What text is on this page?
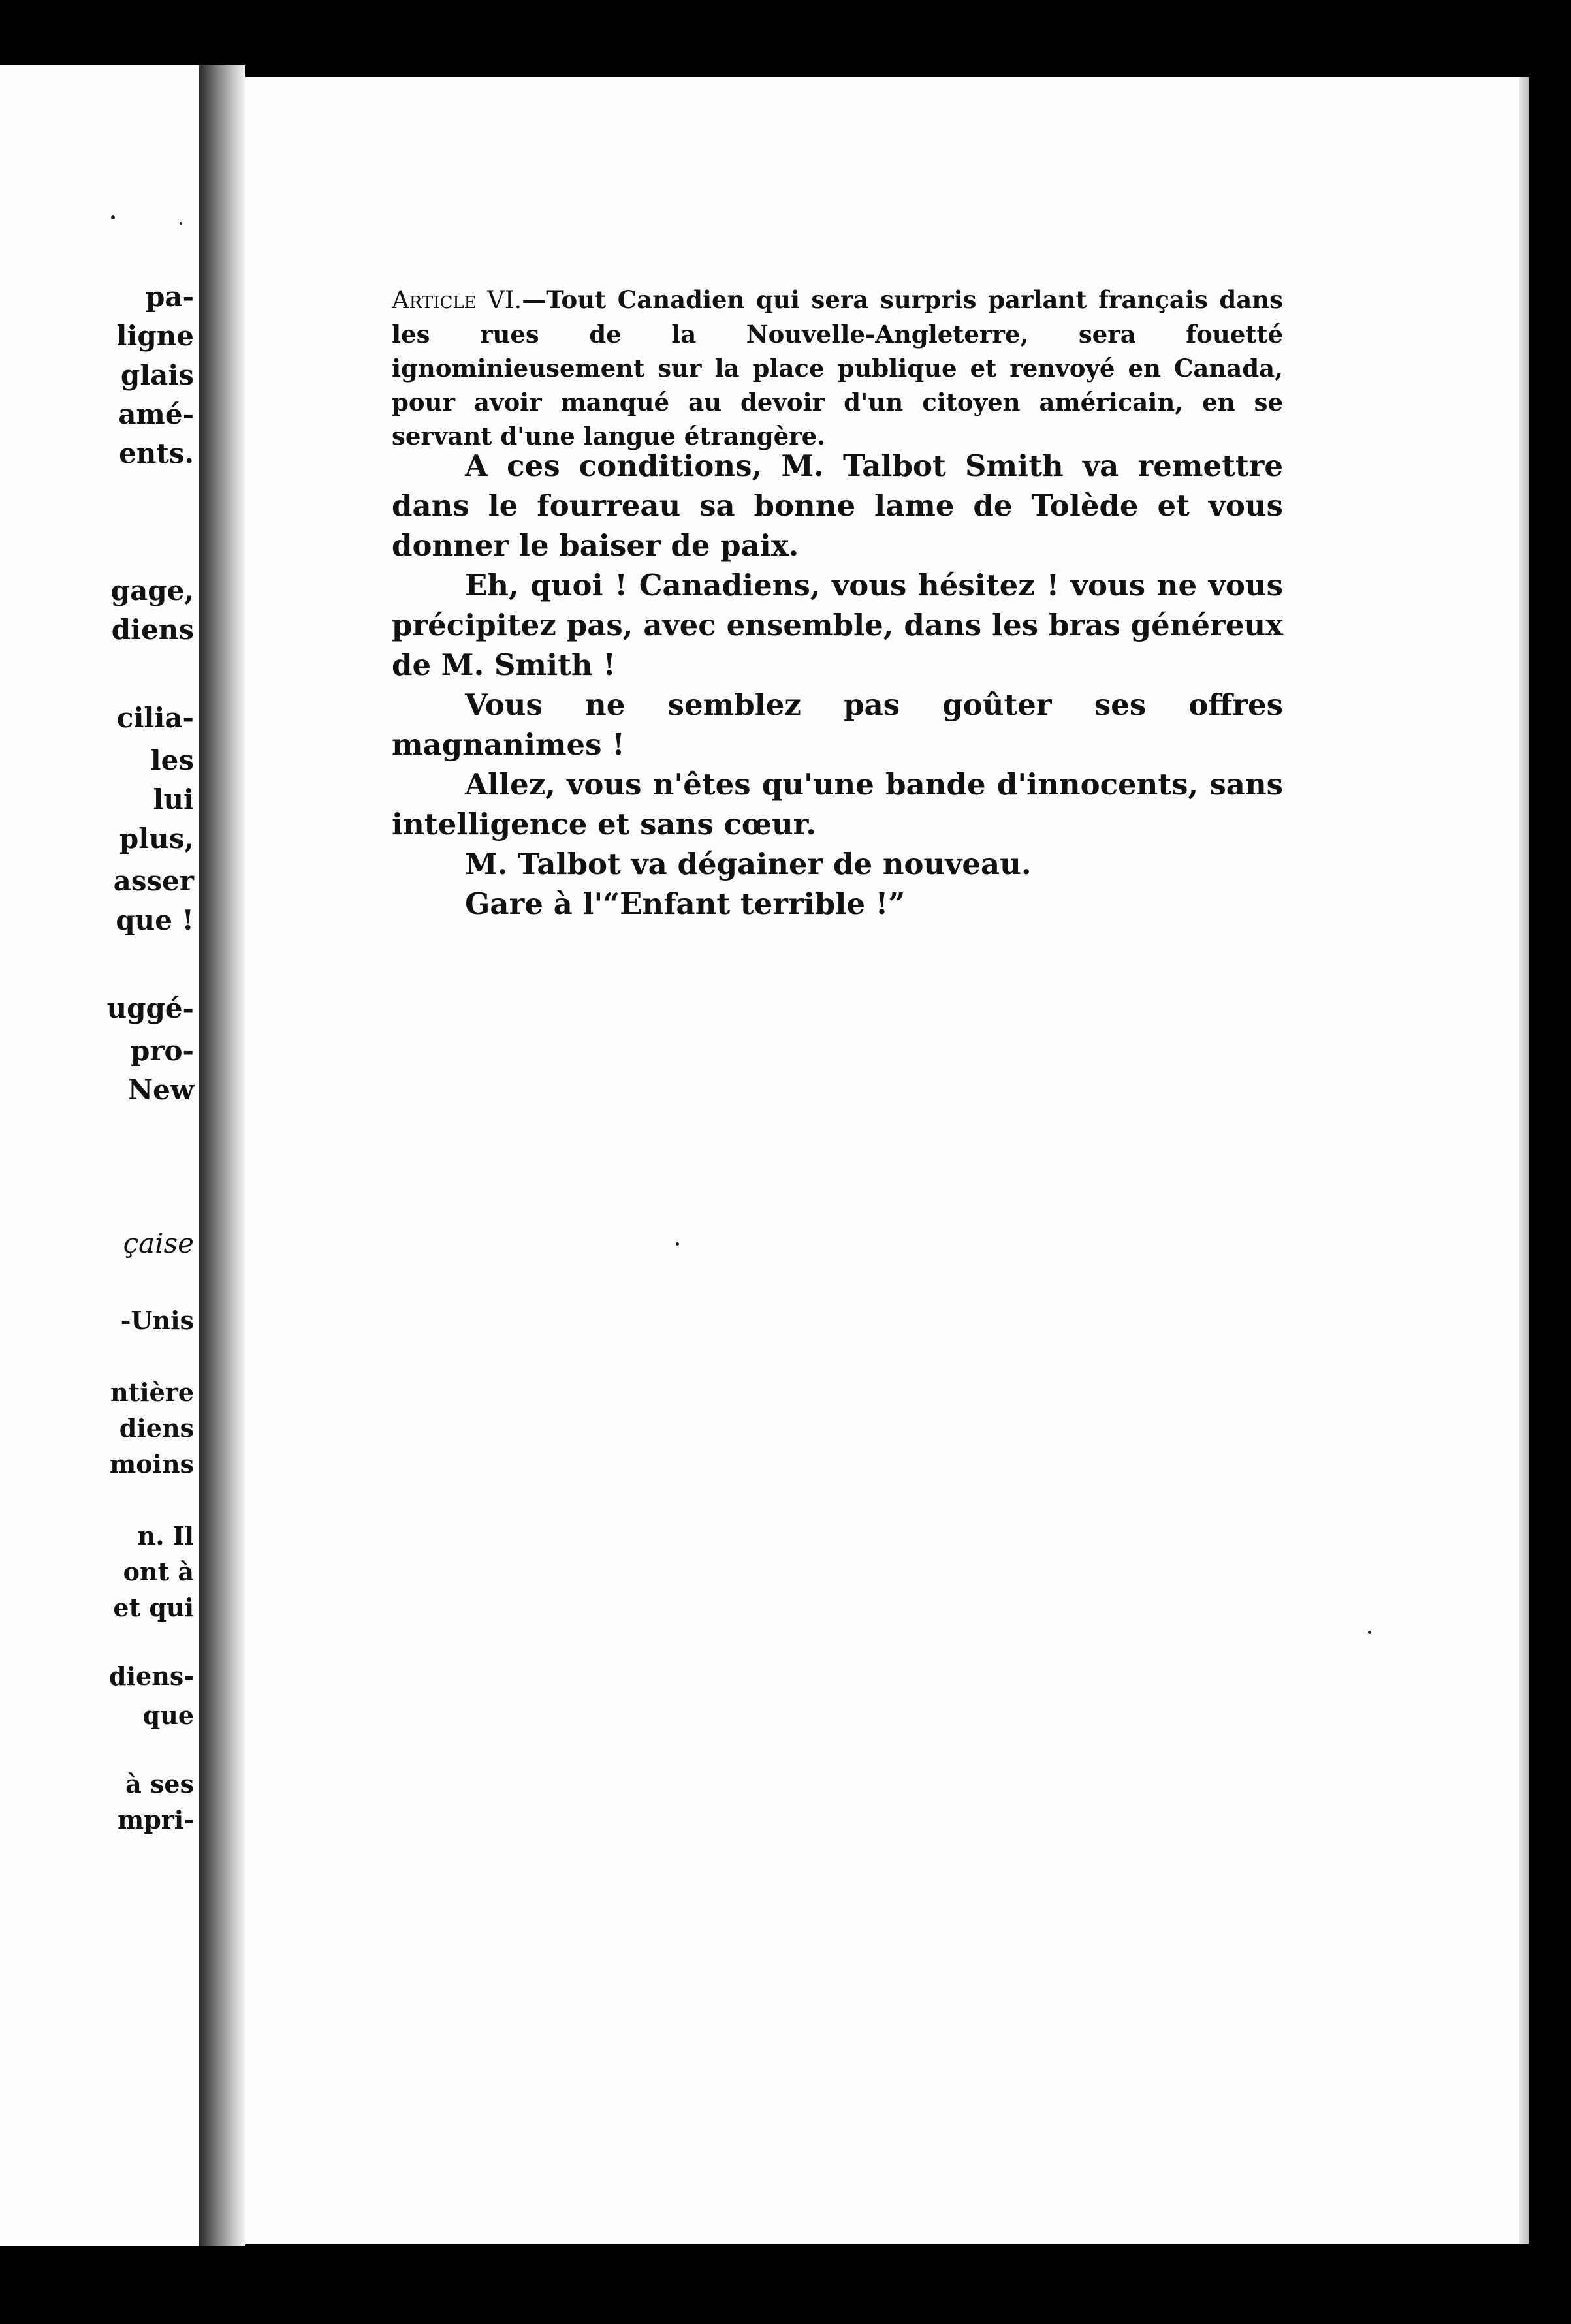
pa-
ligne
glais
amé-
ents.
gage,
diens
cilia-
les
lui
plus,
asser
que !
uggé-
pro-
New
çaise
-Unis
ntière
diens
moins
n. Il
ont à
et qui
diens-
que
à ses
mpri-
Article VI.—Tout Canadien qui sera surpris parlant français dans les rues de la Nouvelle-Angleterre, sera fouetté ignominieusement sur la place publique et renvoyé en Canada, pour avoir manqué au devoir d'un citoyen américain, en se servant d'une langue étrangère.

A ces conditions, M. Talbot Smith va remettre dans le fourreau sa bonne lame de Tolède et vous donner le baiser de paix.

Eh, quoi ! Canadiens, vous hésitez ! vous ne vous précipitez pas, avec ensemble, dans les bras généreux de M. Smith !

Vous ne semblez pas goûter ses offres magnanimes !

Allez, vous n'êtes qu'une bande d'innocents, sans intelligence et sans cœur.

M. Talbot va dégainer de nouveau.

Gare à l'“Enfant terrible !”
